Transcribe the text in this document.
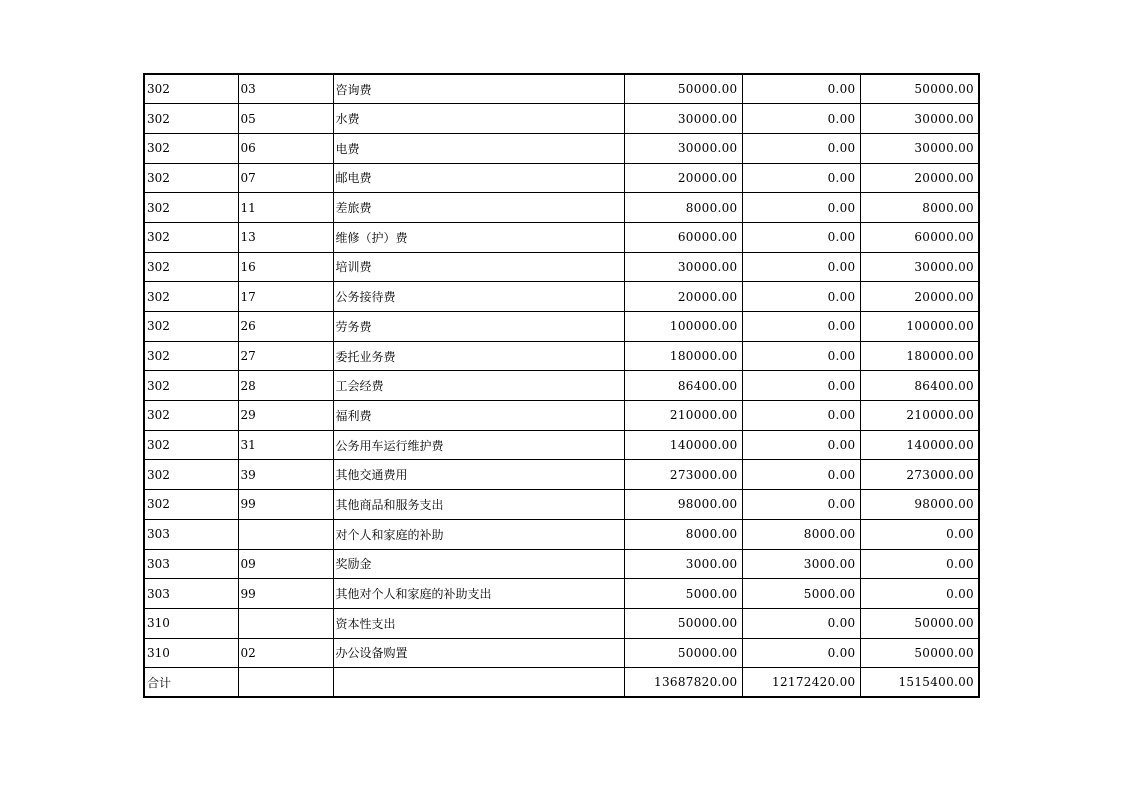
302	03	咨询费	50000.00	0.00	50000.00
302	05	水费	30000.00	0.00	30000.00
302	06	电费	30000.00	0.00	30000.00
302	07	邮电费	20000.00	0.00	20000.00
302	11	差旅费	8000.00	0.00	8000.00
302	13	维修（护）费	60000.00	0.00	60000.00
302	16	培训费	30000.00	0.00	30000.00
302	17	公务接待费	20000.00	0.00	20000.00
302	26	劳务费	100000.00	0.00	100000.00
302	27	委托业务费	180000.00	0.00	180000.00
302	28	工会经费	86400.00	0.00	86400.00
302	29	福利费	210000.00	0.00	210000.00
302	31	公务用车运行维护费	140000.00	0.00	140000.00
302	39	其他交通费用	273000.00	0.00	273000.00
302	99	其他商品和服务支出	98000.00	0.00	98000.00
303		对个人和家庭的补助	8000.00	8000.00	0.00
303	09	奖励金	3000.00	3000.00	0.00
303	99	其他对个人和家庭的补助支出	5000.00	5000.00	0.00
310		资本性支出	50000.00	0.00	50000.00
310	02	办公设备购置	50000.00	0.00	50000.00
合计			13687820.00	12172420.00	1515400.00
